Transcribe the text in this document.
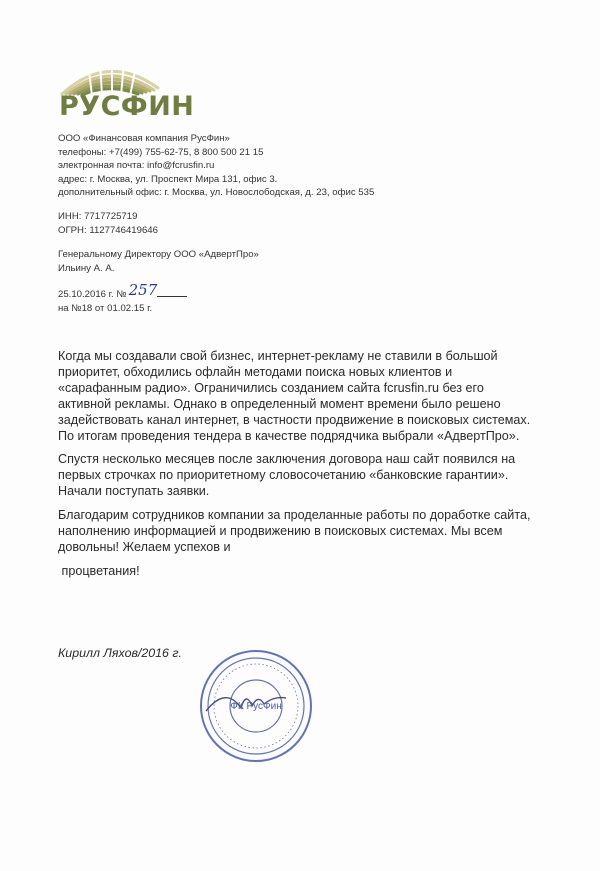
РУСФИН
ООО «Финансовая компания РусФин»
телефоны: +7(499) 755-62-75, 8 800 500 21 15
электронная почта: info@fcrusfin.ru
адрес: г. Москва, ул. Проспект Мира 131, офис 3.
дополнительный офис: г. Москва, ул. Новослободская, д. 23, офис 535
ИНН: 7717725719
ОГРН: 1127746419646
Генеральному Директору ООО «АдвертПро»
Ильину А. А.
25.10.2016 г. № 257
на №18 от 01.02.15 г.

Когда мы создавали свой бизнес, интернет-рекламу не ставили в большой
приоритет, обходились офлайн методами поиска новых клиентов и
«сарафанным радио». Ограничились созданием сайта fcrusfin.ru без его
активной рекламы. Однако в определенный момент времени было решено
задействовать канал интернет, в частности продвижение в поисковых системах.
По итогам проведения тендера в качестве подрядчика выбрали «АдвертПро».

Спустя несколько месяцев после заключения договора наш сайт появился на
первых строчках по приоритетному словосочетанию «банковские гарантии».
Начали поступать заявки.

Благодарим сотрудников компании за проделанные работы по доработке сайта,
наполнению информацией и продвижению в поисковых системах. Мы всем
довольны! Желаем успехов и

процветания!

Кирилл Ляхов/2016 г.
ФК РусФин
